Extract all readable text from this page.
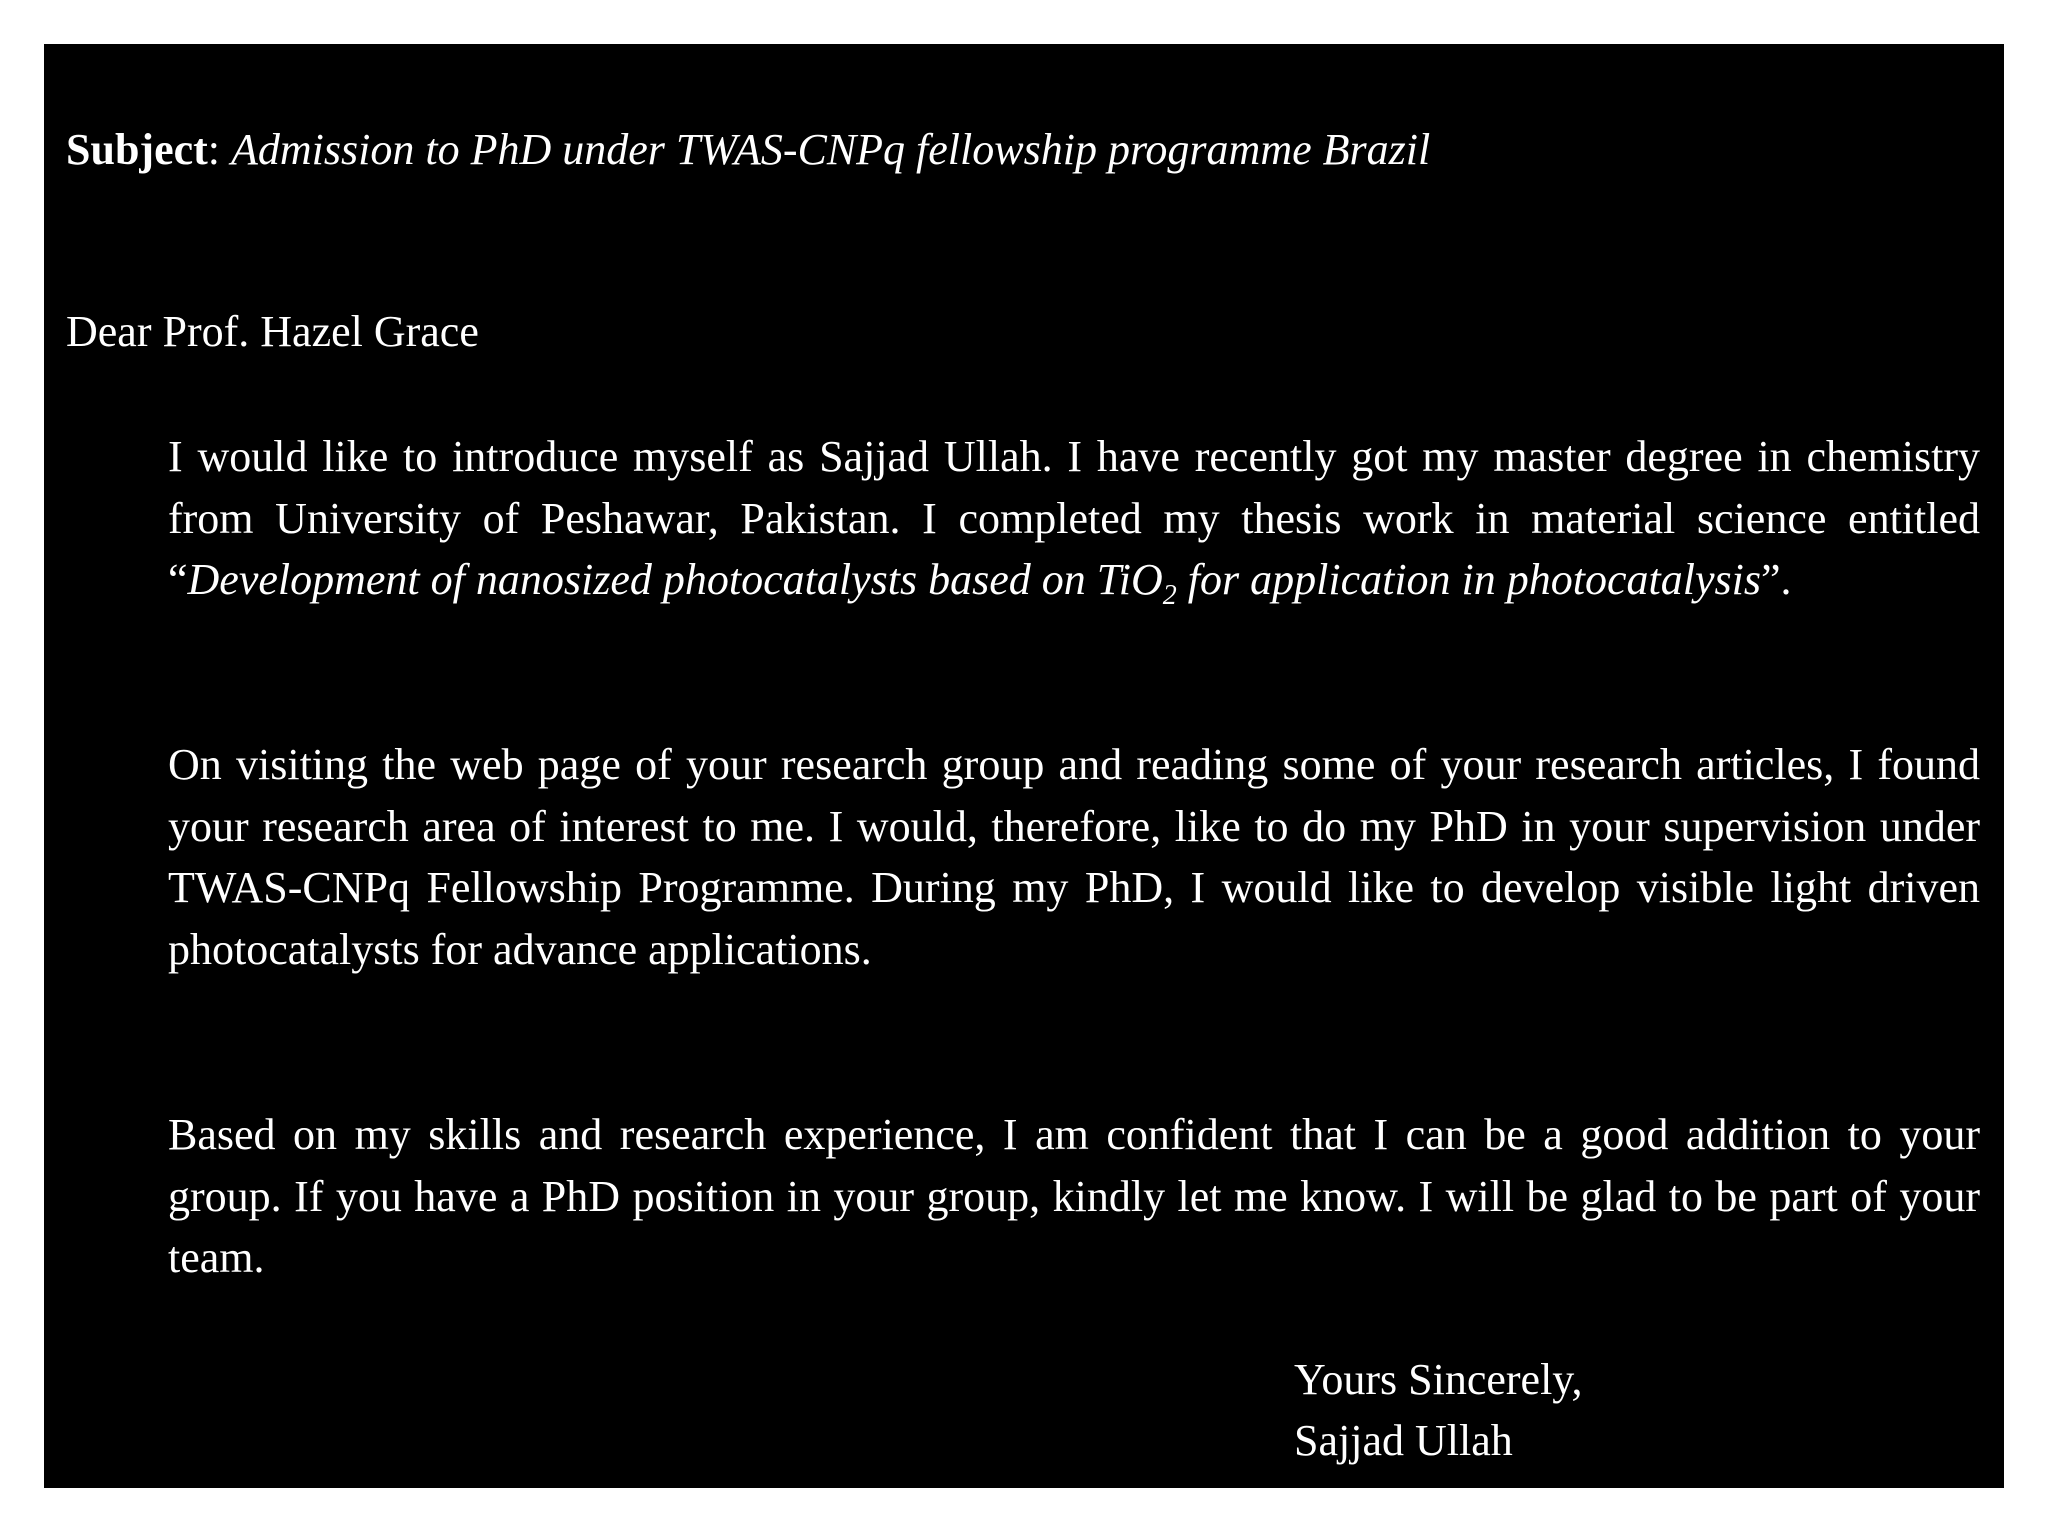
Subject: Admission to PhD under TWAS-CNPq fellowship programme Brazil
Dear Prof. Hazel Grace
I would like to introduce myself as Sajjad Ullah. I have recently got my master degree in chemistry from University of Peshawar, Pakistan. I completed my thesis work in material science entitled “Development of nanosized photocatalysts based on TiO$_2$ for application in photocatalysis”.
On visiting the web page of your research group and reading some of your research articles, I found your research area of interest to me. I would, therefore, like to do my PhD in your supervision under TWAS-CNPq Fellowship Programme. During my PhD, I would like to develop visible light driven photocatalysts for advance applications.
Based on my skills and research experience, I am confident that I can be a good addition to your group. If you have a PhD position in your group, kindly let me know. I will be glad to be part of your team.
Yours Sincerely,
Sajjad Ullah
